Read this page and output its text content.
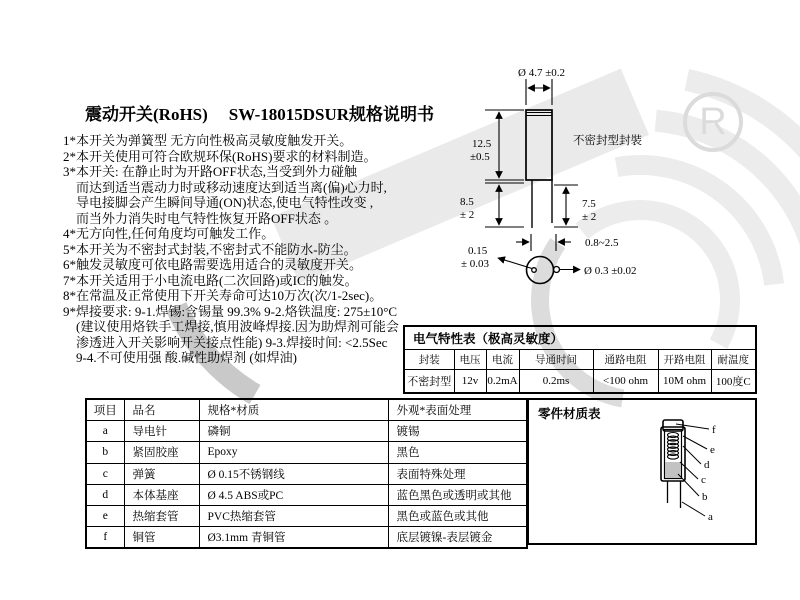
R
震动开关(RoHS) SW-18015DSUR规格说明书
1*本开关为弹簧型 无方向性极高灵敏度触发开关。
2*本开关使用可符合欧规环保(RoHS)要求的材料制造。
3*本开关: 在静止时为开路OFF状态,当受到外力碰触
而达到适当震动力时或移动速度达到适当离(偏)心力时,
导电接脚会产生瞬间导通(ON)状态,使电气特性改变 ,
而当外力消失时电气特性恢复开路OFF状态 。
4*无方向性,任何角度均可触发工作。
5*本开关为不密封式封装,不密封式不能防水-防尘。
6*触发灵敏度可依电路需要选用适合的灵敏度开关。
7*本开关适用于小电流电路(二次回路)或IC的触发。
8*在常温及正常使用下开关寿命可达10万次(次/1-2sec)。
9*焊接要求: 9-1.焊锡:含锡量 99.3% 9-2.烙铁温度: 275±10°C
(建议使用烙铁手工焊接,慎用波峰焊接.因为助焊剂可能会
渗透进入开关影响开关接点性能) 9-3.焊接时间: <2.5Sec
9-4.不可使用强 酸.碱性助焊剂 (如焊油)
Ø 4.7 ±0.2
不密封型封裝
12.5
±0.5
8.5
± 2
7.5
± 2
0.8~2.5
0.15
± 0.03
Ø 0.3 ±0.02
电气特性表（极高灵敏度）						
封装	电压	电流	导通时间	通路电阻	开路电阻	耐温度
不密封型	12v	0.2mA	0.2ms	<100 ohm	10M ohm	100度C
项目	品名	规格*材质	外观*表面处理
a	导电针	磷铜	镀锡
b	紧固胶座	Epoxy	黑色
c	弹簧	Ø 0.15不锈钢线	表面特殊处理
d	本体基座	Ø 4.5 ABS或PC	蓝色黑色或透明或其他
e	热缩套管	PVC热缩套管	黑色或蓝色或其他
f	铜管	Ø3.1mm 青铜管	底层镀镍-表层镀金
零件材质表
f
e
d
c
b
a
